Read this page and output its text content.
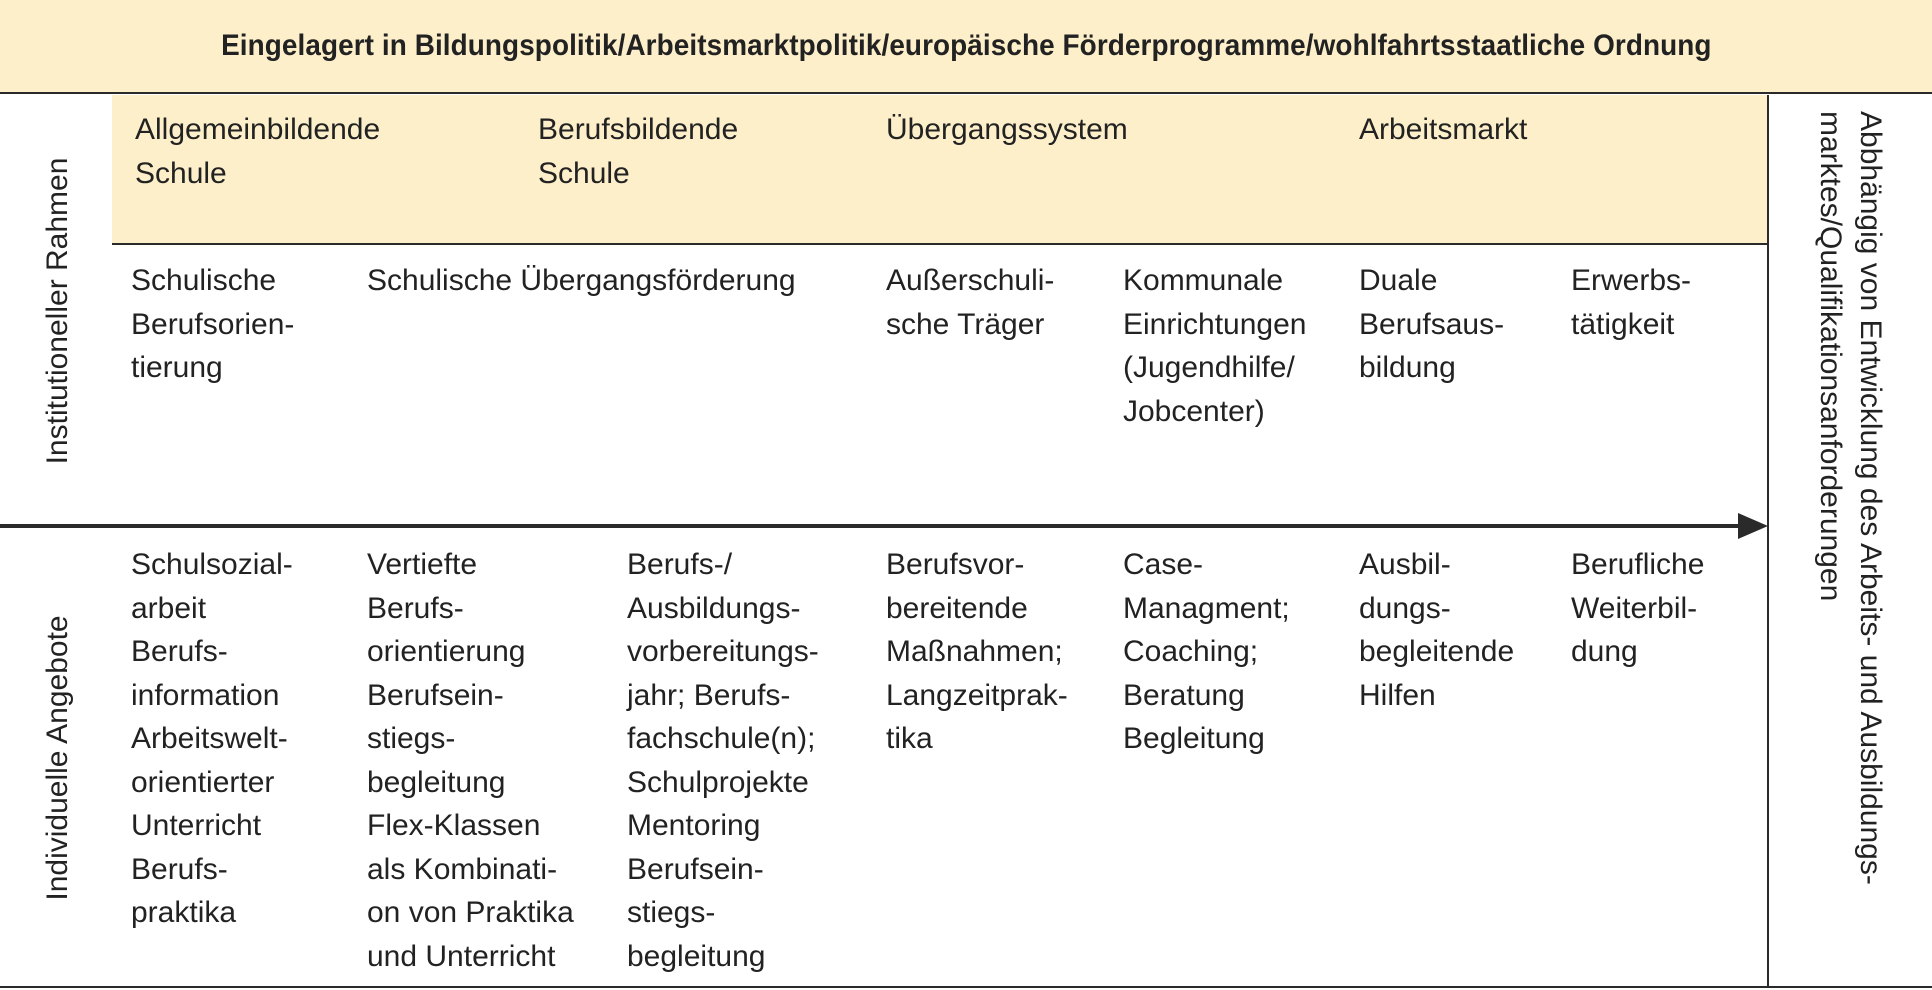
Eingelagert in Bildungspolitik/Arbeitsmarktpolitik/europäische Förderprogramme/wohlfahrtsstaatliche Ordnung
Institutioneller Rahmen
Individuelle Angebote
Abbhängig von Entwicklung des Arbeits- und Ausbildungs-
marktes/Qualifikationsanforderungen
Allgemeinbildende
Schule
Berufsbildende
Schule
Übergangssystem	Arbeitsmarkt
Schulische
Berufsorien-
tierung
Schulische Übergangsförderung	Außerschuli-
sche Träger
Kommunale
Einrichtungen
(Jugendhilfe/
Jobcenter)
Duale
Berufsaus-
bildung
Erwerbs-
tätigkeit
Schulsozial-
arbeit
Berufs-
information
Arbeitswelt-
orientierter
Unterricht
Berufs-
praktika
Vertiefte
Berufs-
orientierung
Berufsein-
stiegs-
begleitung
Flex-Klassen
als Kombinati-
on von Praktika
und Unterricht
Berufs-/
Ausbildungs-
vorbereitungs-
jahr; Berufs-
fachschule(n);
Schulprojekte
Mentoring
Berufsein-
stiegs-
begleitung
Berufsvor-
bereitende
Maßnahmen;
Langzeitprak-
tika
Case-
Managment;
Coaching;
Beratung
Begleitung
Ausbil-
dungs-
begleitende
Hilfen
Berufliche
Weiterbil-
dung
